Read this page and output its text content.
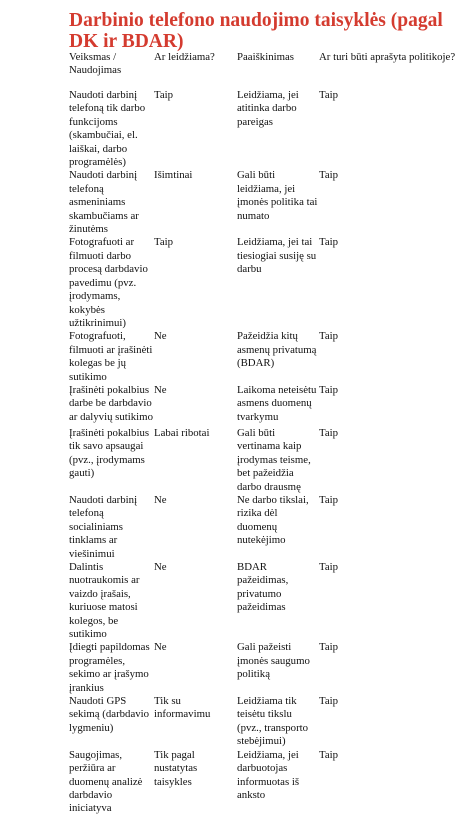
Darbinio telefono naudojimo taisyklės (pagal DK ir BDAR)
Veiksmas / Naudojimas	Ar leidžiama?	Paaiškinimas	Ar turi būti aprašyta politikoje?
Naudoti darbinį telefoną tik darbo funkcijoms (skambučiai, el. laiškai, darbo programėlės)	Taip	Leidžiama, jei atitinka darbo pareigas	Taip
Naudoti darbinį telefoną asmeniniams skambučiams ar žinutėms	Išimtinai	Gali būti leidžiama, jei įmonės politika tai numato	Taip
Fotografuoti ar filmuoti darbo procesą darbdavio pavedimu (pvz. įrodymams, kokybės užtikrinimui)	Taip	Leidžiama, jei tai tiesiogiai susiję su darbu	Taip
Fotografuoti, filmuoti ar įrašinėti kolegas be jų sutikimo	Ne	Pažeidžia kitų asmenų privatumą (BDAR)	Taip
Įrašinėti pokalbius darbe be darbdavio ar dalyvių sutikimo	Ne	Laikoma neteisėtu asmens duomenų tvarkymu	Taip
Įrašinėti pokalbius tik savo apsaugai (pvz., įrodymams gauti)	Labai ribotai	Gali būti vertinama kaip įrodymas teisme, bet pažeidžia darbo drausmę	Taip
Naudoti darbinį telefoną socialiniams tinklams ar viešinimui	Ne	Ne darbo tikslai, rizika dėl duomenų nutekėjimo	Taip
Dalintis nuotraukomis ar vaizdo įrašais, kuriuose matosi kolegos, be sutikimo	Ne	BDAR pažeidimas, privatumo pažeidimas	Taip
Įdiegti papildomas programėles, sekimo ar įrašymo įrankius	Ne	Gali pažeisti įmonės saugumo politiką	Taip
Naudoti GPS sekimą (darbdavio lygmeniu)	Tik su informavimu	Leidžiama tik teisėtu tikslu (pvz., transporto stebėjimui)	Taip
Saugojimas, peržiūra ar duomenų analizė darbdavio iniciatyva	Tik pagal nustatytas taisykles	Leidžiama, jei darbuotojas informuotas iš anksto	Taip
